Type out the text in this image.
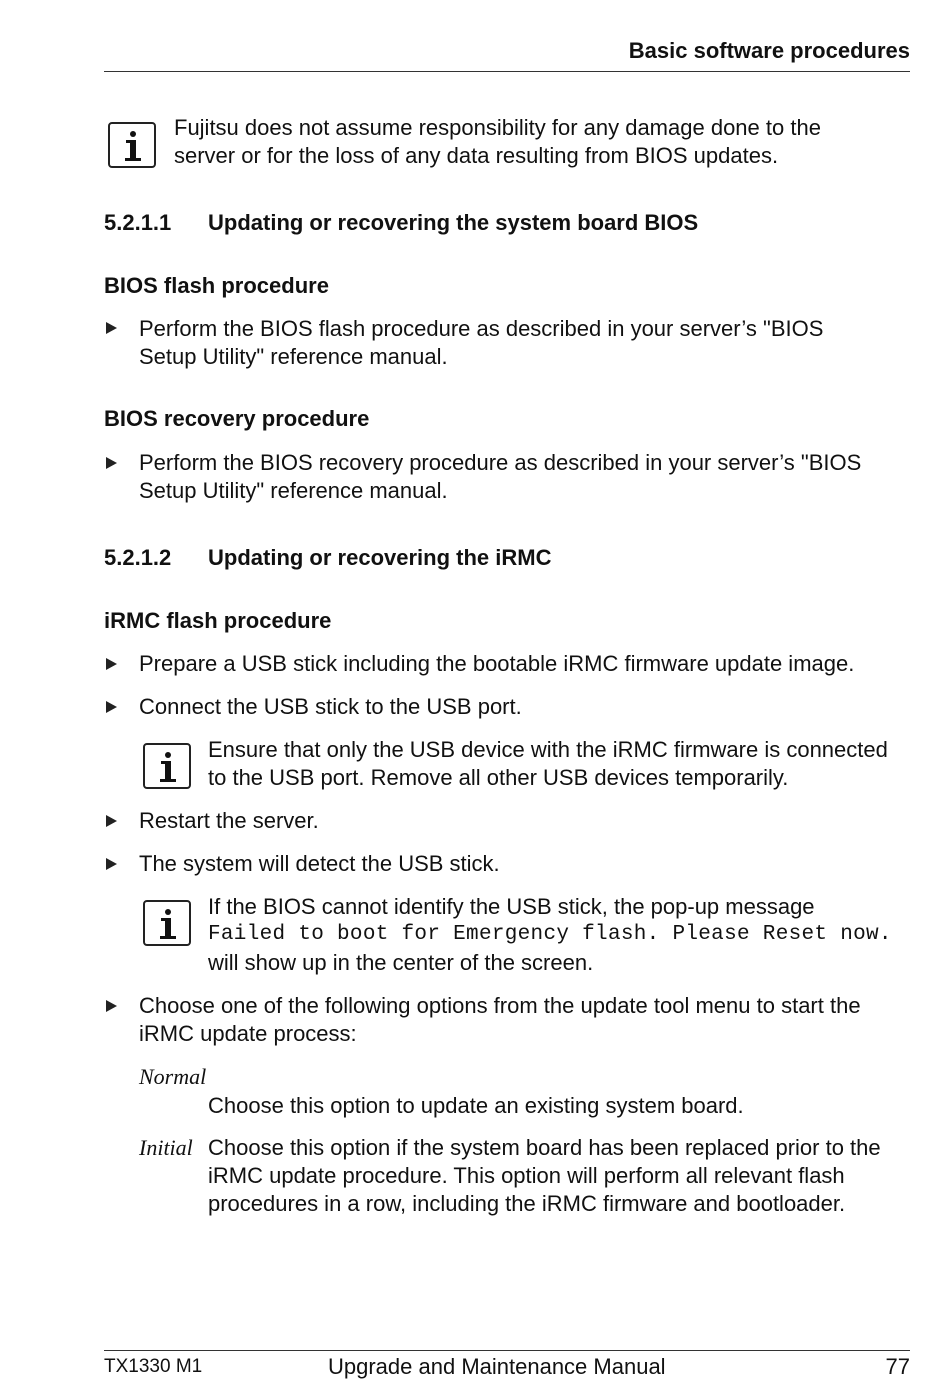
Basic software procedures
Fujitsu does not assume responsibility for any damage done to the
server or for the loss of any data resulting from BIOS updates.
5.2.1.1 Updating or recovering the system board BIOS
BIOS flash procedure
Perform the BIOS flash procedure as described in your server’s "BIOS
Setup Utility" reference manual.
BIOS recovery procedure
Perform the BIOS recovery procedure as described in your server’s "BIOS
Setup Utility" reference manual.
5.2.1.2 Updating or recovering the iRMC
iRMC flash procedure
Prepare a USB stick including the bootable iRMC firmware update image.
Connect the USB stick to the USB port.
Ensure that only the USB device with the iRMC firmware is connected
to the USB port. Remove all other USB devices temporarily.
Restart the server.
The system will detect the USB stick.
If the BIOS cannot identify the USB stick, the pop-up message
Failed to boot for Emergency flash. Please Reset now.
will show up in the center of the screen.
Choose one of the following options from the update tool menu to start the
iRMC update process:
Normal
Choose this option to update an existing system board.
Initial Choose this option if the system board has been replaced prior to the
iRMC update procedure. This option will perform all relevant flash
procedures in a row, including the iRMC firmware and bootloader.
TX1330 M1	Upgrade and Maintenance Manual	77
